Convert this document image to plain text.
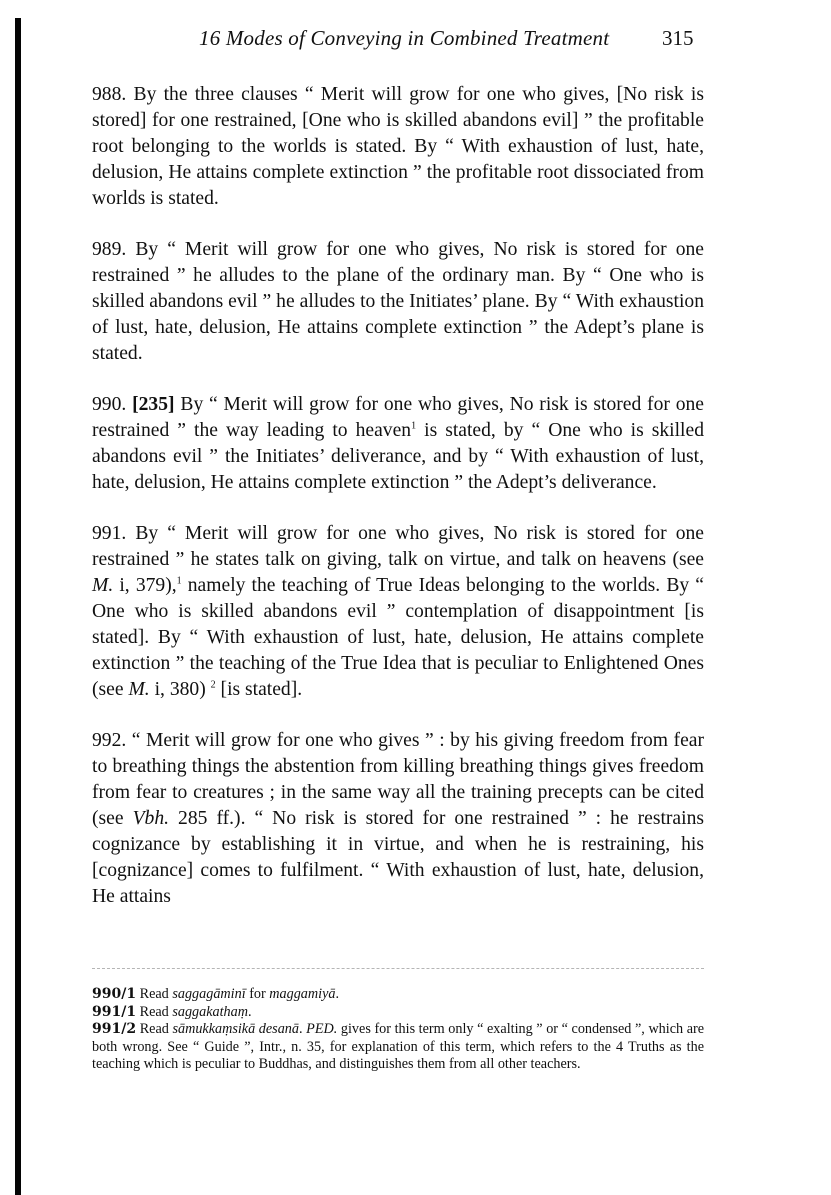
16 Modes of Conveying in Combined Treatment	315

988. By the three clauses “ Merit will grow for one who gives, [No risk is stored] for one restrained, [One who is skilled abandons evil] ” the profitable root belonging to the worlds is stated. By “ With exhaustion of lust, hate, delusion, He attains complete extinction ” the profitable root dissociated from worlds is stated.

989. By “ Merit will grow for one who gives, No risk is stored for one restrained ” he alludes to the plane of the ordinary man. By “ One who is skilled abandons evil ” he alludes to the Initiates’ plane. By “ With exhaustion of lust, hate, delusion, He attains complete extinction ” the Adept’s plane is stated.

990. [235] By “ Merit will grow for one who gives, No risk is stored for one restrained ” the way leading to heaven$^1$ is stated, by “ One who is skilled abandons evil ” the Initiates’ deliverance, and by “ With exhaustion of lust, hate, delusion, He attains complete extinction ” the Adept’s deliverance.

991. By “ Merit will grow for one who gives, No risk is stored for one restrained ” he states talk on giving, talk on virtue, and talk on heavens (see M. i, 379),$^1$ namely the teaching of True Ideas belonging to the worlds. By “ One who is skilled abandons evil ” contemplation of disappointment [is stated]. By “ With exhaustion of lust, hate, delusion, He attains complete extinction ” the teaching of the True Idea that is peculiar to Enlightened Ones (see M. i, 380) $^2$ [is stated].

992. “ Merit will grow for one who gives ” : by his giving freedom from fear to breathing things the abstention from killing breathing things gives freedom from fear to creatures ; in the same way all the training precepts can be cited (see Vbh. 285 ff.). “ No risk is stored for one restrained ” : he restrains cognizance by establishing it in virtue, and when he is restraining, his [cognizance] comes to fulfilment. “ With exhaustion of lust, hate, delusion, He attains

990/1 Read saggagāminī for maggamiyā.

991/1 Read saggakathaṃ.

991/2 Read sāmukkaṃsikā desanā. PED. gives for this term only “ exalting ” or “ condensed ”, which are both wrong. See “ Guide ”, Intr., n. 35, for explanation of this term, which refers to the 4 Truths as the teaching which is peculiar to Buddhas, and distinguishes them from all other teachers.
